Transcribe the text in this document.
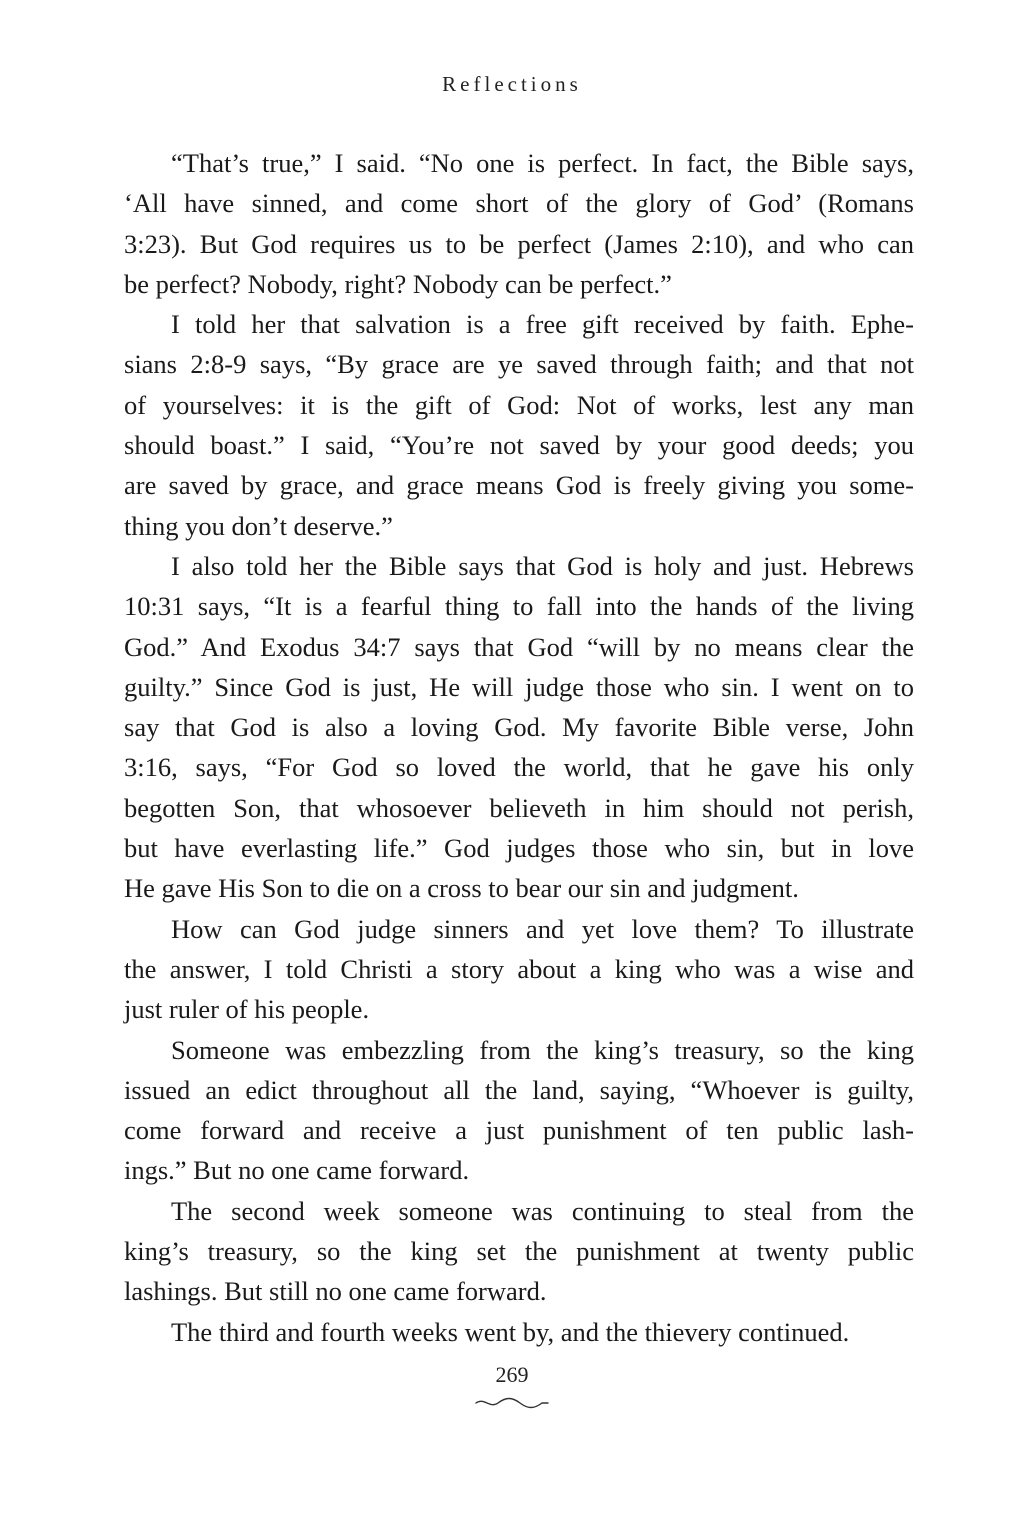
Reflections
“That’s true,” I said. “No one is perfect. In fact, the Bible says,
‘All have sinned, and come short of the glory of God’ (Romans
3:23). But God requires us to be perfect (James 2:10), and who can
be perfect? Nobody, right? Nobody can be perfect.”
I told her that salvation is a free gift received by faith. Ephe-
sians 2:8-9 says, “By grace are ye saved through faith; and that not
of yourselves: it is the gift of God: Not of works, lest any man
should boast.” I said, “You’re not saved by your good deeds; you
are saved by grace, and grace means God is freely giving you some-
thing you don’t deserve.”
I also told her the Bible says that God is holy and just. Hebrews
10:31 says, “It is a fearful thing to fall into the hands of the living
God.” And Exodus 34:7 says that God “will by no means clear the
guilty.” Since God is just, He will judge those who sin. I went on to
say that God is also a loving God. My favorite Bible verse, John
3:16, says, “For God so loved the world, that he gave his only
begotten Son, that whosoever believeth in him should not perish,
but have everlasting life.” God judges those who sin, but in love
He gave His Son to die on a cross to bear our sin and judgment.
How can God judge sinners and yet love them? To illustrate
the answer, I told Christi a story about a king who was a wise and
just ruler of his people.
Someone was embezzling from the king’s treasury, so the king
issued an edict throughout all the land, saying, “Whoever is guilty,
come forward and receive a just punishment of ten public lash-
ings.” But no one came forward.
The second week someone was continuing to steal from the
king’s treasury, so the king set the punishment at twenty public
lashings. But still no one came forward.
The third and fourth weeks went by, and the thievery continued.
269
